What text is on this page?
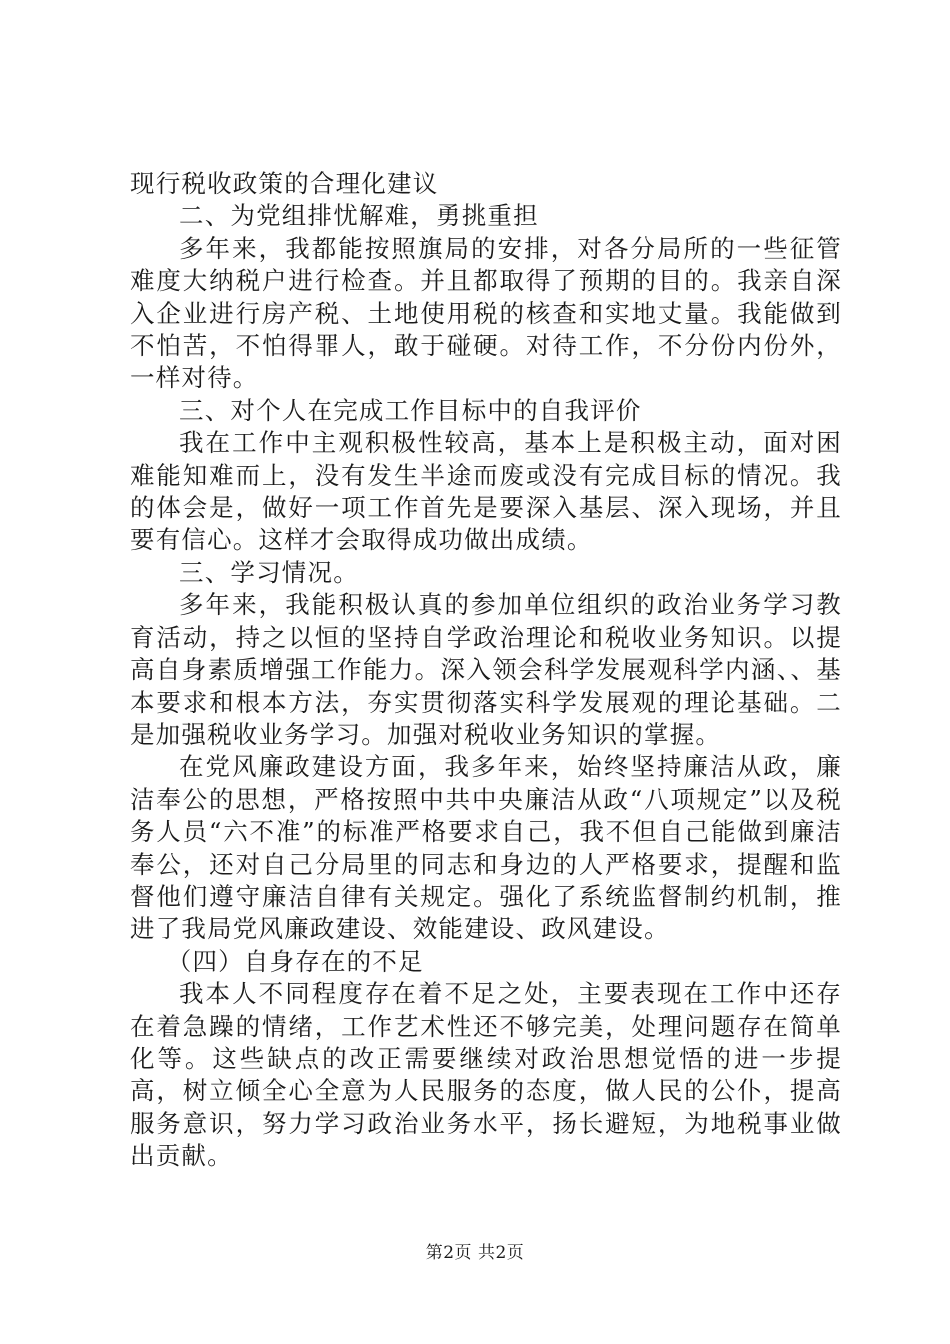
现行税收政策的合理化建议

二、为党组排忧解难，勇挑重担

多年来，我都能按照旗局的安排，对各分局所的一些征管难度大纳税户进行检查。并且都取得了预期的目的。我亲自深入企业进行房产税、土地使用税的核查和实地丈量。我能做到不怕苦，不怕得罪人，敢于碰硬。对待工作，不分份内份外，一样对待。

三、对个人在完成工作目标中的自我评价

我在工作中主观积极性较高，基本上是积极主动，面对困难能知难而上，没有发生半途而废或没有完成目标的情况。我的体会是，做好一项工作首先是要深入基层、深入现场，并且要有信心。这样才会取得成功做出成绩。

三、学习情况。

多年来，我能积极认真的参加单位组织的政治业务学习教育活动，持之以恒的坚持自学政治理论和税收业务知识。以提高自身素质增强工作能力。深入领会科学发展观科学内涵、、基本要求和根本方法，夯实贯彻落实科学发展观的理论基础。二是加强税收业务学习。加强对税收业务知识的掌握。

在党风廉政建设方面，我多年来，始终坚持廉洁从政，廉洁奉公的思想，严格按照中共中央廉洁从政“八项规定”以及税务人员“六不准”的标准严格要求自己，我不但自己能做到廉洁奉公，还对自己分局里的同志和身边的人严格要求，提醒和监督他们遵守廉洁自律有关规定。强化了系统监督制约机制，推进了我局党风廉政建设、效能建设、政风建设。

（四）自身存在的不足

我本人不同程度存在着不足之处，主要表现在工作中还存在着急躁的情绪，工作艺术性还不够完美，处理问题存在简单化等。这些缺点的改正需要继续对政治思想觉悟的进一步提高，树立倾全心全意为人民服务的态度，做人民的公仆，提高服务意识，努力学习政治业务水平，扬长避短，为地税事业做出贡献。

第2页 共2页
